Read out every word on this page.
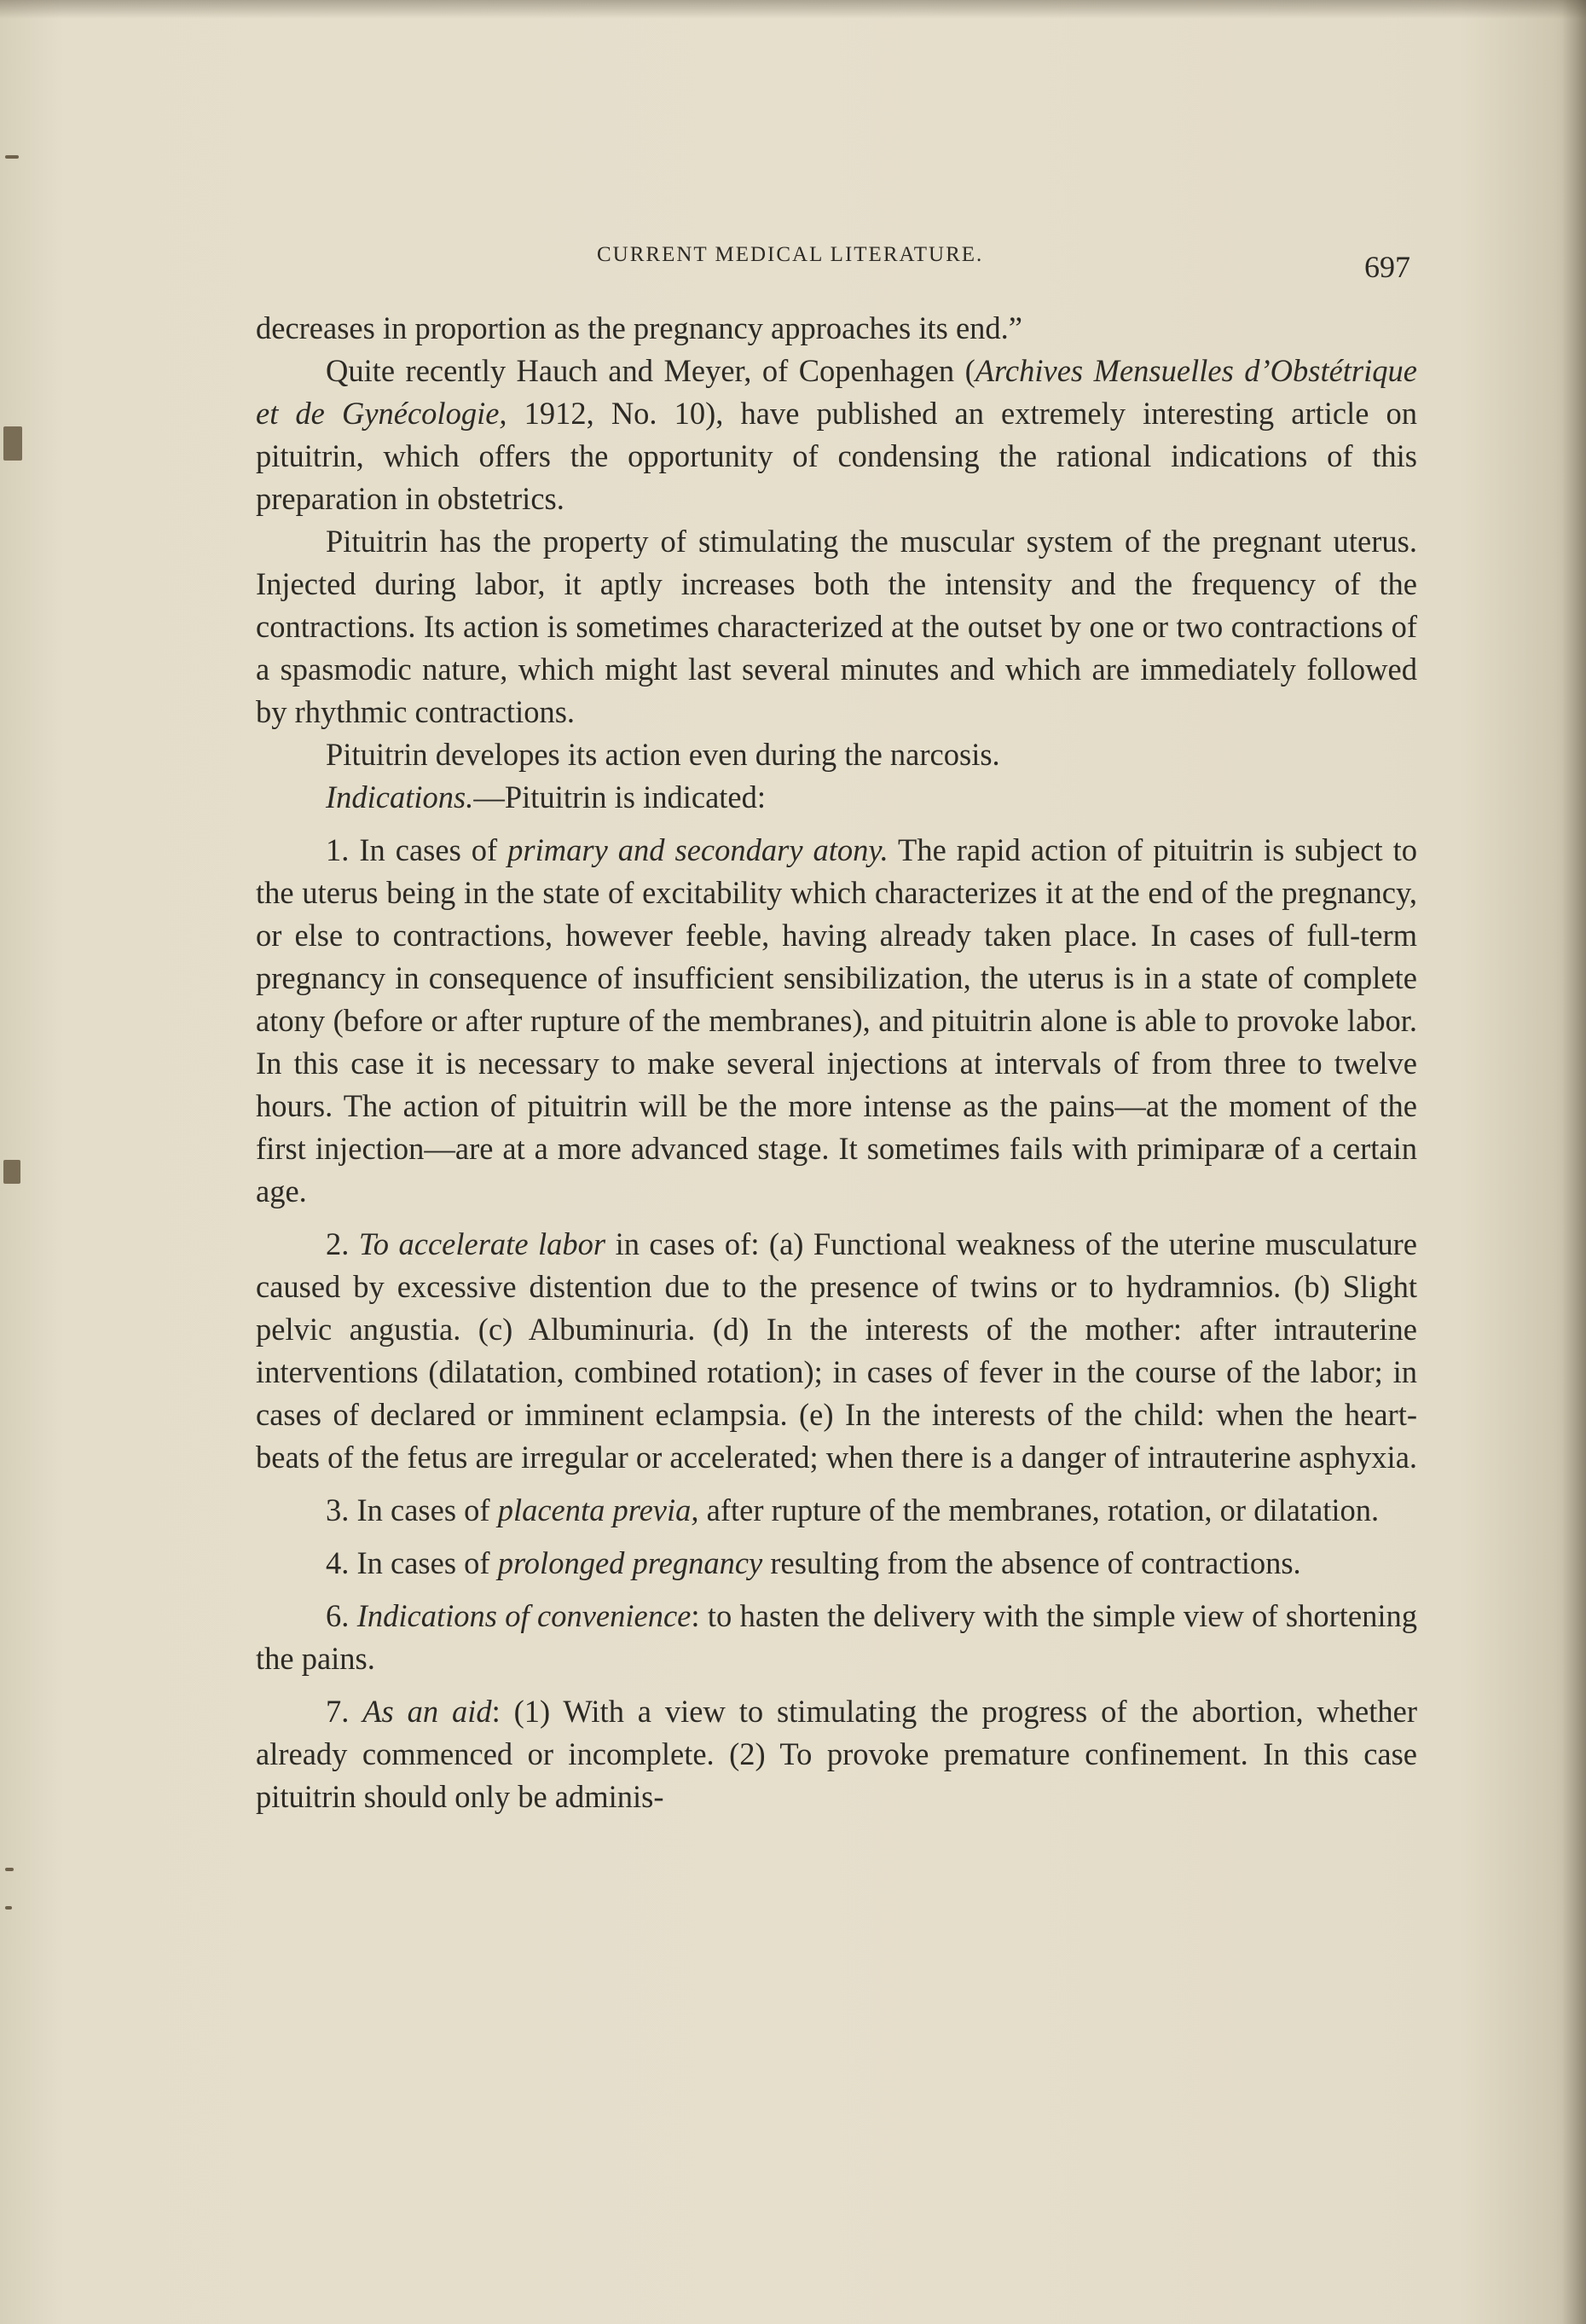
CURRENT MEDICAL LITERATURE.	697

decreases in proportion as the pregnancy approaches its end.”

Quite recently Hauch and Meyer, of Copenhagen (Archives Mensuelles d’Obstétrique et de Gynécologie, 1912, No. 10), have published an extremely interesting article on pituitrin, which offers the opportunity of condensing the rational indications of this preparation in obstetrics.

Pituitrin has the property of stimulating the muscular system of the pregnant uterus. Injected during labor, it aptly increases both the intensity and the frequency of the contractions. Its action is sometimes characterized at the outset by one or two contractions of a spasmodic nature, which might last several minutes and which are immediately followed by rhythmic contractions.

Pituitrin developes its action even during the narcosis.

Indications.—Pituitrin is indicated:

1. In cases of primary and secondary atony. The rapid action of pituitrin is subject to the uterus being in the state of excitability which characterizes it at the end of the pregnancy, or else to contractions, however feeble, having already taken place. In cases of full-term pregnancy in consequence of insufficient sensibilization, the uterus is in a state of complete atony (before or after rupture of the membranes), and pituitrin alone is able to provoke labor. In this case it is necessary to make several injections at intervals of from three to twelve hours. The action of pituitrin will be the more intense as the pains—at the moment of the first injection—are at a more advanced stage. It sometimes fails with primiparæ of a certain age.

2. To accelerate labor in cases of: (a) Functional weakness of the uterine musculature caused by excessive distention due to the presence of twins or to hydramnios. (b) Slight pelvic angustia. (c) Albuminuria. (d) In the interests of the mother: after intrauterine interventions (dilatation, combined rotation); in cases of fever in the course of the labor; in cases of declared or imminent eclampsia. (e) In the interests of the child: when the heart-beats of the fetus are irregular or accelerated; when there is a danger of intrauterine asphyxia.

3. In cases of placenta previa, after rupture of the membranes, rotation, or dilatation.

4. In cases of prolonged pregnancy resulting from the absence of contractions.

6. Indications of convenience: to hasten the delivery with the simple view of shortening the pains.

7. As an aid: (1) With a view to stimulating the progress of the abortion, whether already commenced or incomplete. (2) To provoke premature confinement. In this case pituitrin should only be adminis-
